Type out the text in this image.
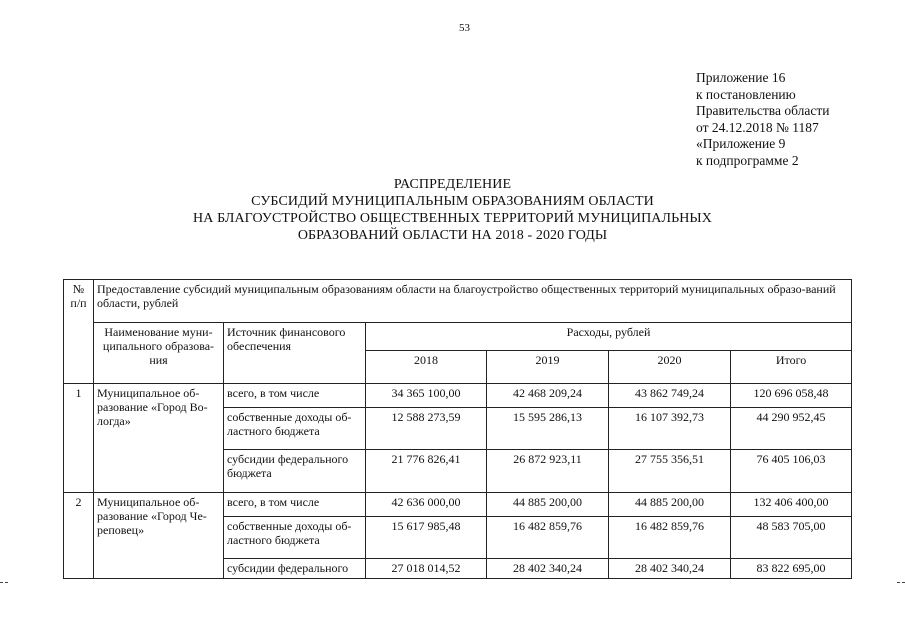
53
Приложение 16
к постановлению
Правительства области
от 24.12.2018 № 1187
«Приложение 9
к подпрограмме 2
РАСПРЕДЕЛЕНИЕ
СУБСИДИЙ МУНИЦИПАЛЬНЫМ ОБРАЗОВАНИЯМ ОБЛАСТИ
НА БЛАГОУСТРОЙСТВО ОБЩЕСТВЕННЫХ ТЕРРИТОРИЙ МУНИЦИПАЛЬНЫХ
ОБРАЗОВАНИЙ ОБЛАСТИ НА 2018 - 2020 ГОДЫ
№ п/п	Предоставление субсидий муниципальным образованиям области на благоустройство общественных территорий муниципальных образо-ваний области, рублей					
	Наименование муни-ципального образова-ния	Источник финансового обеспечения	Расходы, рублей			
			2018	2019	2020	Итого
1	Муниципальное об-разование «Город Во-логда»	всего, в том числе	34 365 100,00	42 468 209,24	43 862 749,24	120 696 058,48
		собственные доходы об-ластного бюджета	12 588 273,59	15 595 286,13	16 107 392,73	44 290 952,45
		субсидии федерального бюджета	21 776 826,41	26 872 923,11	27 755 356,51	76 405 106,03
2	Муниципальное об-разование «Город Че-реповец»	всего, в том числе	42 636 000,00	44 885 200,00	44 885 200,00	132 406 400,00
		собственные доходы об-ластного бюджета	15 617 985,48	16 482 859,76	16 482 859,76	48 583 705,00
		субсидии федерального	27 018 014,52	28 402 340,24	28 402 340,24	83 822 695,00
